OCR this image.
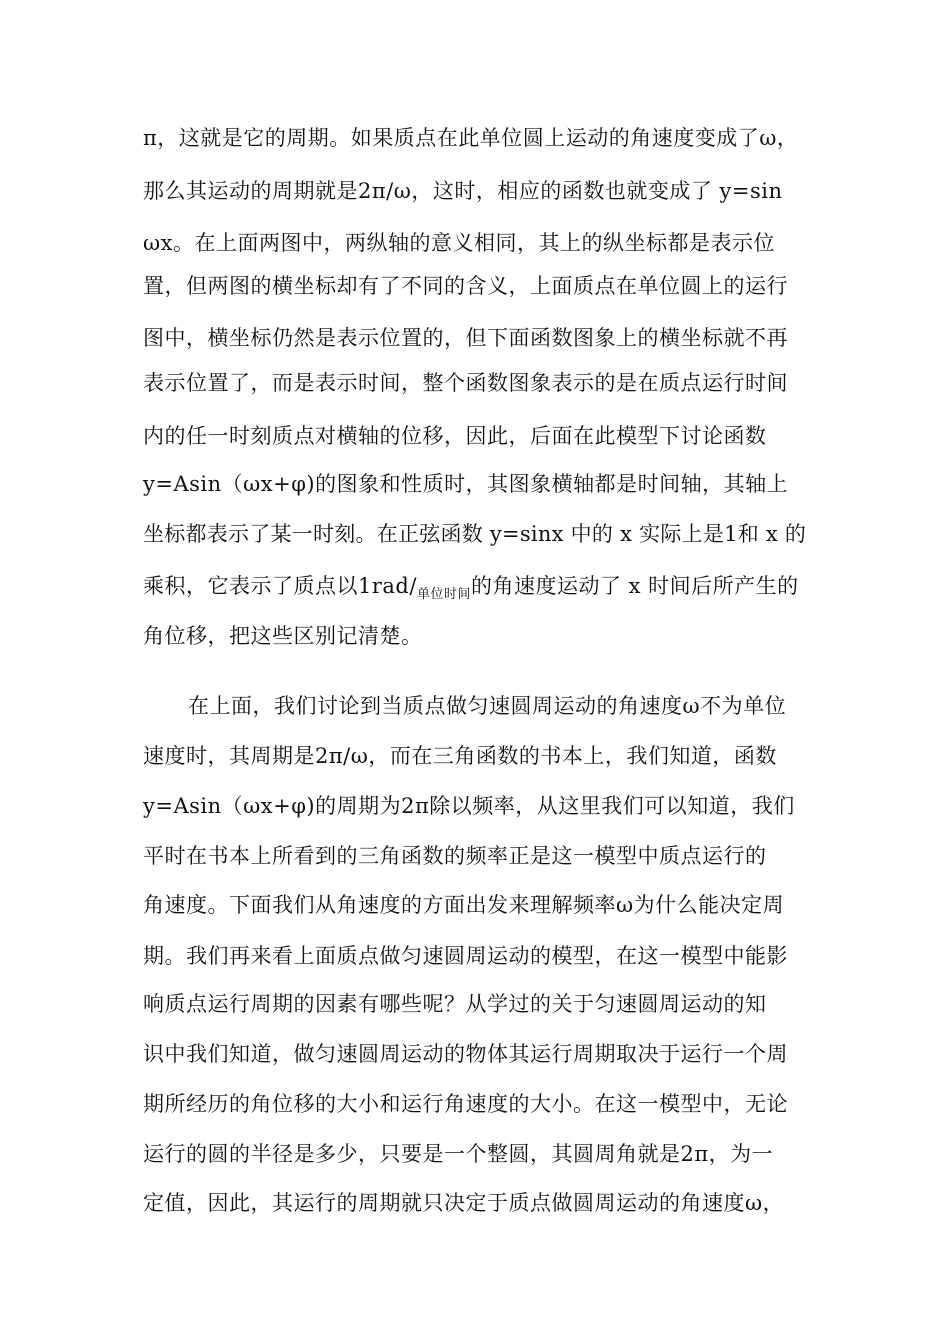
π，这就是它的周期。如果质点在此单位圆上运动的角速度变成了ω，
那么其运动的周期就是2π/ω，这时，相应的函数也就变成了 y=sin
ωx。在上面两图中，两纵轴的意义相同，其上的纵坐标都是表示位
置，但两图的横坐标却有了不同的含义，上面质点在单位圆上的运行
图中，横坐标仍然是表示位置的，但下面函数图象上的横坐标就不再
表示位置了，而是表示时间，整个函数图象表示的是在质点运行时间
内的任一时刻质点对横轴的位移，因此，后面在此模型下讨论函数
y=Asin（ωx+φ)的图象和性质时，其图象横轴都是时间轴，其轴上
坐标都表示了某一时刻。在正弦函数 y=sinx 中的 x 实际上是1和 x 的
乘积，它表示了质点以$1rad/_{单位时间}$的角速度运动了 x 时间后所产生的
角位移，把这些区别记清楚。
在上面，我们讨论到当质点做匀速圆周运动的角速度ω不为单位
速度时，其周期是2π/ω，而在三角函数的书本上，我们知道，函数
y=Asin（ωx+φ)的周期为2π除以频率，从这里我们可以知道，我们
平时在书本上所看到的三角函数的频率正是这一模型中质点运行的
角速度。下面我们从角速度的方面出发来理解频率ω为什么能决定周
期。我们再来看上面质点做匀速圆周运动的模型，在这一模型中能影
响质点运行周期的因素有哪些呢？从学过的关于匀速圆周运动的知
识中我们知道，做匀速圆周运动的物体其运行周期取决于运行一个周
期所经历的角位移的大小和运行角速度的大小。在这一模型中，无论
运行的圆的半径是多少，只要是一个整圆，其圆周角就是2π，为一
定值，因此，其运行的周期就只决定于质点做圆周运动的角速度ω，
